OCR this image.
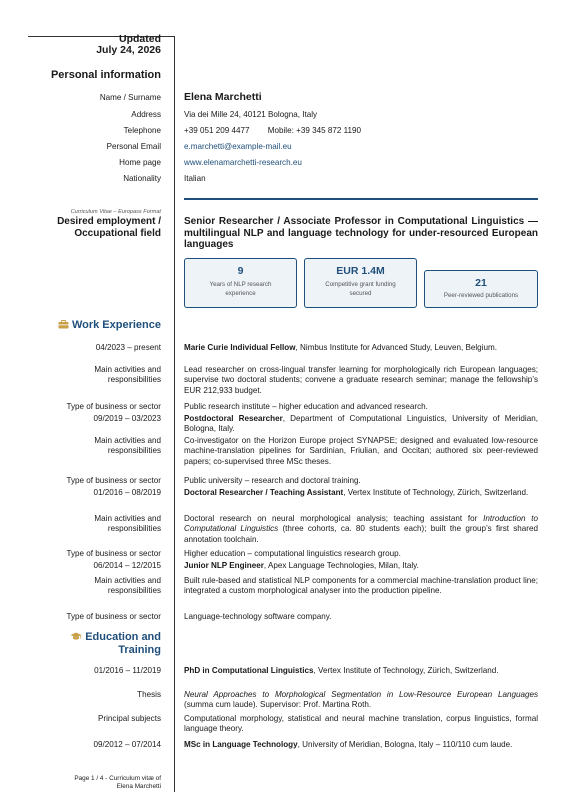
Updated
July 24, 2026
Personal information
Name / Surname Elena Marchetti
Address	Via dei Mille 24, 40121 Bologna, Italy
Telephone	+39 051 209 4477 Mobile: +39 345 872 1190
Personal Email	e.marchetti@example-mail.eu
Home page	www.elenamarchetti-research.eu
Nationality	Italian
Curriculum Vitae – Europass Format
Desired employment /
Occupational field
Senior Researcher / Associate Professor in Computational Linguistics — multilingual NLP and language technology for under-resourced European languages
9
Years of NLP research experience
EUR 1.4M
Competitive grant funding secured
21
Peer-reviewed publications
Work Experience
04/2023 – present	Marie Curie Individual Fellow, Nimbus Institute for Advanced Study, Leuven, Belgium.
Main activities and responsibilities
Lead researcher on cross-lingual transfer learning for morphologically rich European languages; supervise two doctoral students; convene a graduate research seminar; manage the fellowship’s EUR 212,933 budget.
Type of business or sector	Public research institute – higher education and advanced research.
09/2019 – 03/2023	Postdoctoral Researcher, Department of Computational Linguistics, University of Meridian, Bologna, Italy.
Main activities and responsibilities
Co-investigator on the Horizon Europe project SYNAPSE; designed and evaluated low-resource machine-translation pipelines for Sardinian, Friulian, and Occitan; authored six peer-reviewed papers; co-supervised three MSc theses.
Type of business or sector	Public university – research and doctoral training.
01/2016 – 08/2019	Doctoral Researcher / Teaching Assistant, Vertex Institute of Technology, Zürich, Switzerland.
Main activities and responsibilities
Doctoral research on neural morphological analysis; teaching assistant for Introduction to Computational Linguistics (three cohorts, ca. 80 students each); built the group’s first shared annotation toolchain.
Type of business or sector	Higher education – computational linguistics research group.
06/2014 – 12/2015	Junior NLP Engineer, Apex Language Technologies, Milan, Italy.
Main activities and responsibilities
Built rule-based and statistical NLP components for a commercial machine-translation product line; integrated a custom morphological analyser into the production pipeline.
Type of business or sector	Language-technology software company.
Education and
Training
01/2016 – 11/2019	PhD in Computational Linguistics, Vertex Institute of Technology, Zürich, Switzerland.
Thesis	Neural Approaches to Morphological Segmentation in Low-Resource European Languages (summa cum laude). Supervisor: Prof. Martina Roth.
Principal subjects	Computational morphology, statistical and neural machine translation, corpus linguistics, formal language theory.
09/2012 – 07/2014	MSc in Language Technology, University of Meridian, Bologna, Italy – 110/110 cum laude.
Page 1 / 4 - Curriculum vitæ of
Elena Marchetti
